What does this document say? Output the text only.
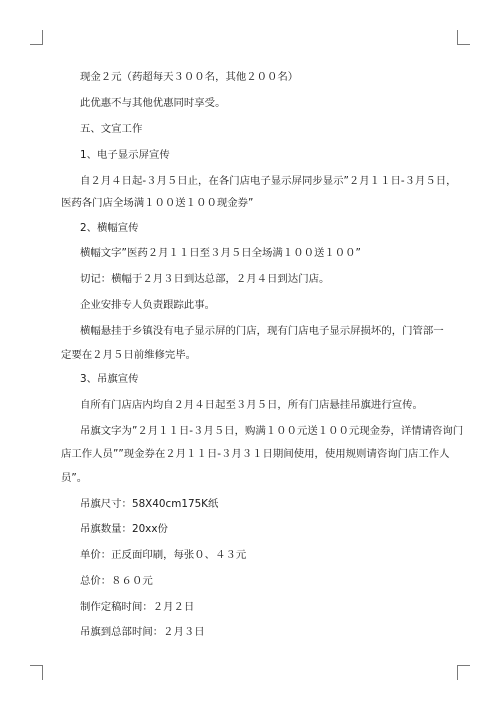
现金２元（药超每天３００名，其他２００名）
此优惠不与其他优惠同时享受。
五、文宣工作
1、电子显示屏宣传
自２月４日起-３月５日止，在各门店电子显示屏同步显示”２月１１日-３月５日，
医药各门店全场满１００送１００现金券”
2、横幅宣传
横幅文字”医药２月１１日至３月５日全场满１００送１００”
切记：横幅于２月３日到达总部，２月４日到达门店。
企业安排专人负责跟踪此事。
横幅悬挂于乡镇没有电子显示屏的门店，现有门店电子显示屏损坏的，门管部一
定要在２月５日前维修完毕。
3、吊旗宣传
自所有门店店内均自２月４日起至３月５日，所有门店悬挂吊旗进行宣传。
吊旗文字为”２月１１日-３月５日，购满１００元送１００元现金券，详情请咨询门
店工作人员””现金券在２月１１日-３月３１日期间使用，使用规则请咨询门店工作人
员”。
吊旗尺寸：58X40cm175K纸
吊旗数量：20xx份
单价：正反面印刷，每张０、４３元
总价：８６０元
制作定稿时间：２月２日
吊旗到总部时间：２月３日
